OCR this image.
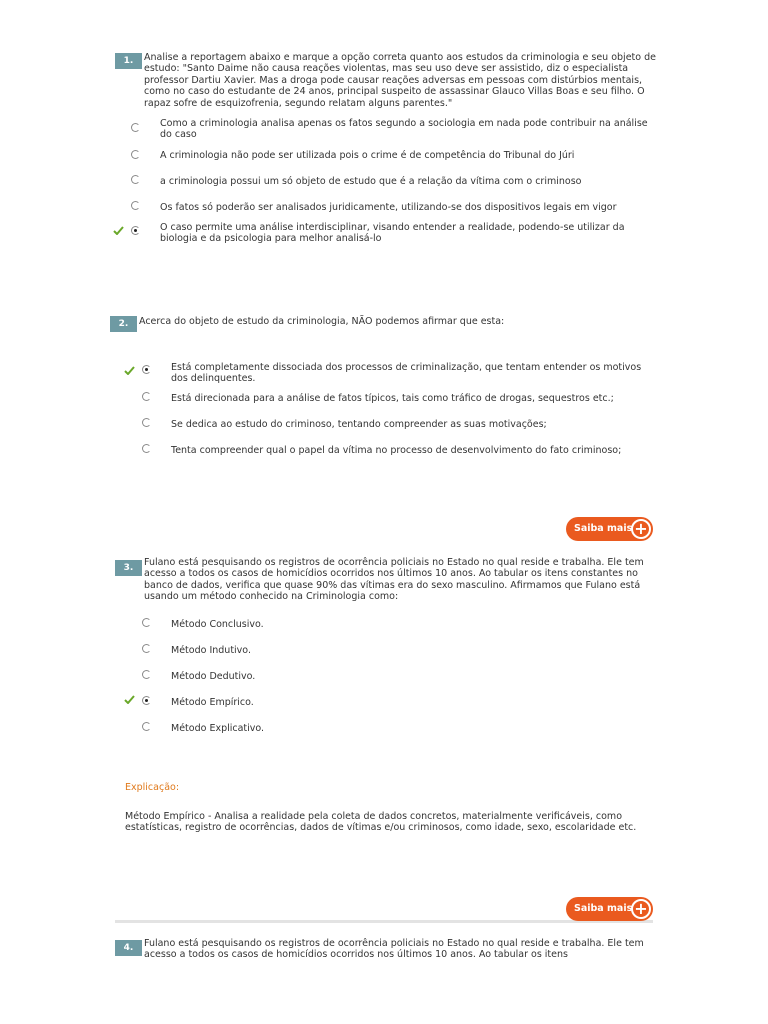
1.	Analise a reportagem abaixo e marque a opção correta quanto aos estudos da criminologia e seu objeto de estudo: "Santo Daime não causa reações violentas, mas seu uso deve ser assistido, diz o especialista professor Dartiu Xavier. Mas a droga pode causar reações adversas em pessoas com distúrbios mentais, como no caso do estudante de 24 anos, principal suspeito de assassinar Glauco Villas Boas e seu filho. O rapaz sofre de esquizofrenia, segundo relatam alguns parentes."
Como a criminologia analisa apenas os fatos segundo a sociologia em nada pode contribuir na análise do caso
A criminologia não pode ser utilizada pois o crime é de competência do Tribunal do Júri
a criminologia possui um só objeto de estudo que é a relação da vítima com o criminoso
Os fatos só poderão ser analisados juridicamente, utilizando-se dos dispositivos legais em vigor
O caso permite uma análise interdisciplinar, visando entender a realidade, podendo-se utilizar da biologia e da psicologia para melhor analisá-lo
2.	Acerca do objeto de estudo da criminologia, NÃO podemos afirmar que esta:
Está completamente dissociada dos processos de criminalização, que tentam entender os motivos dos delinquentes.
Está direcionada para a análise de fatos típicos, tais como tráfico de drogas, sequestros etc.;
Se dedica ao estudo do criminoso, tentando compreender as suas motivações;
Tenta compreender qual o papel da vítima no processo de desenvolvimento do fato criminoso;
Saiba mais +
3.	Fulano está pesquisando os registros de ocorrência policiais no Estado no qual reside e trabalha. Ele tem acesso a todos os casos de homicídios ocorridos nos últimos 10 anos. Ao tabular os itens constantes no banco de dados, verifica que quase 90% das vítimas era do sexo masculino. Afirmamos que Fulano está usando um método conhecido na Criminologia como:
Método Conclusivo.
Método Indutivo.
Método Dedutivo.
Método Empírico.
Método Explicativo.
Explicação:
Método Empírico - Analisa a realidade pela coleta de dados concretos, materialmente verificáveis, como estatísticas, registro de ocorrências, dados de vítimas e/ou criminosos, como idade, sexo, escolaridade etc.
Saiba mais +
4.	Fulano está pesquisando os registros de ocorrência policiais no Estado no qual reside e trabalha. Ele tem acesso a todos os casos de homicídios ocorridos nos últimos 10 anos. Ao tabular os itens
